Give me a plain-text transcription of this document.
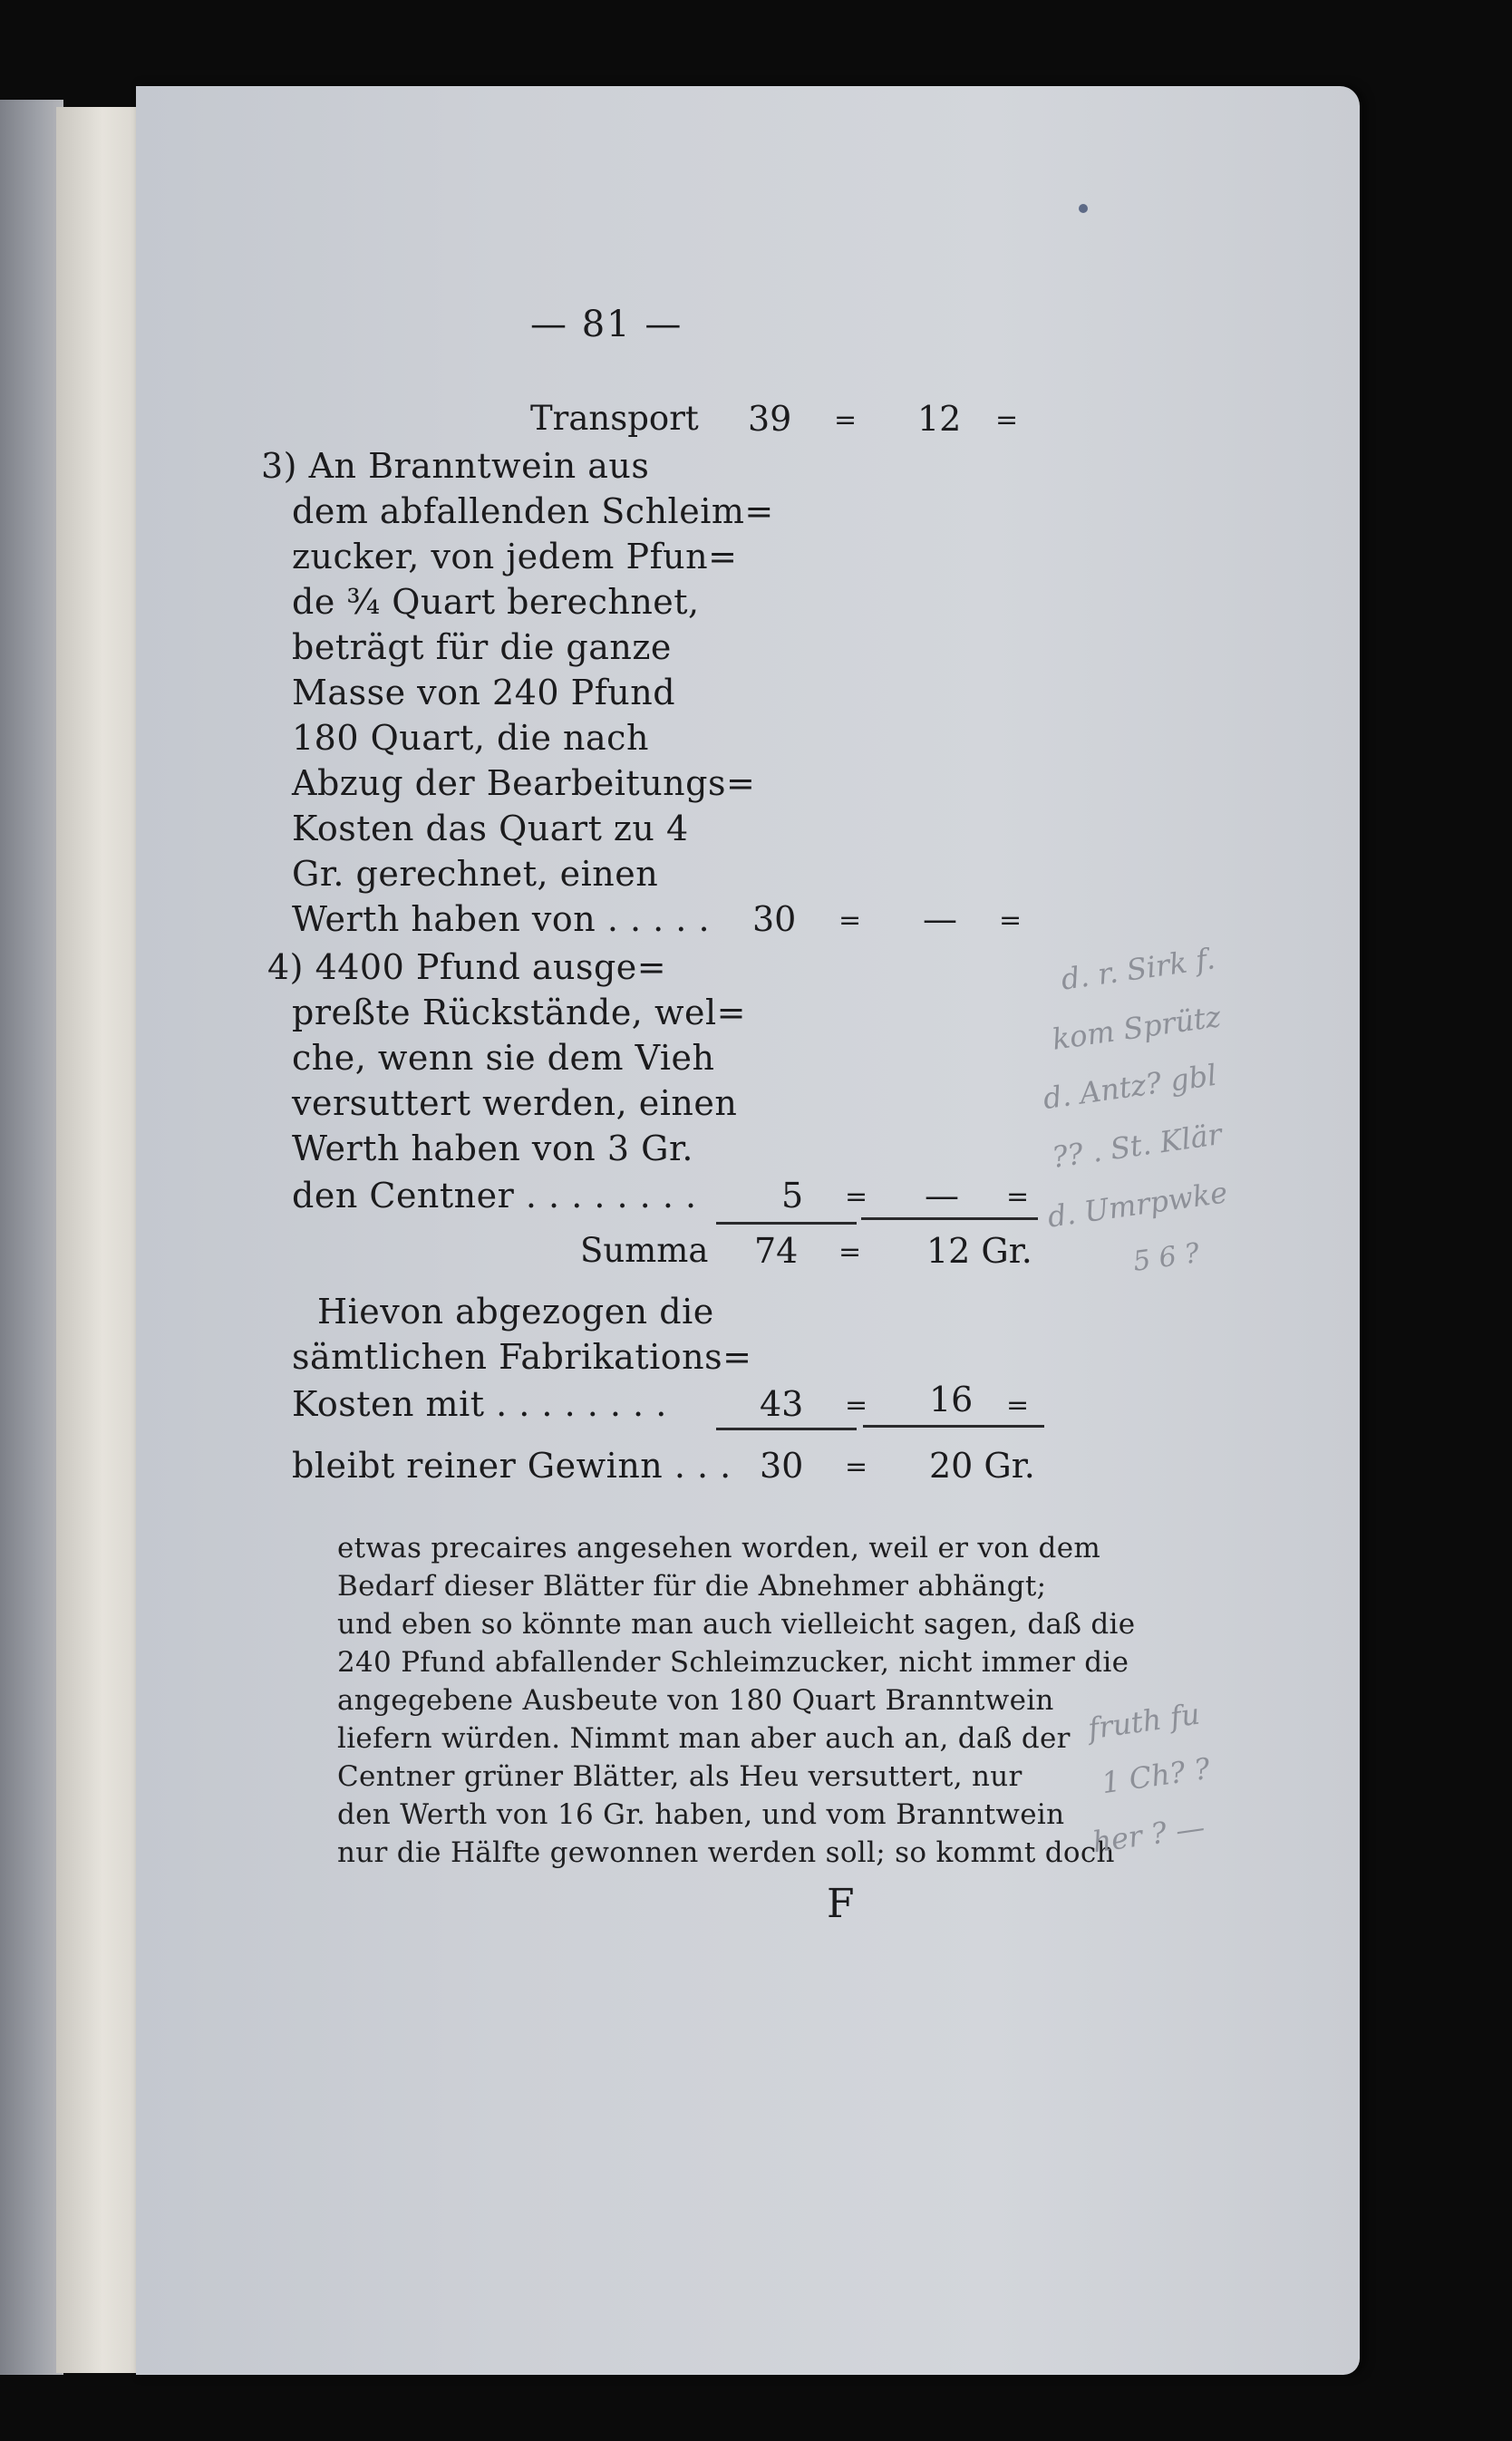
— 81 —
Transport 39 = 12 =
3) An Branntwein aus
dem abfallenden Schleim=
zucker, von jedem Pfun=
de ¾ Quart berechnet,
beträgt für die ganze
Masse von 240 Pfund
180 Quart, die nach
Abzug der Bearbeitungs=
Kosten das Quart zu 4
Gr. gerechnet, einen
Werth haben von . . . . . 30 = — =
4) 4400 Pfund ausge=
preßte Rückstände, wel=
che, wenn sie dem Vieh
versuttert werden, einen
Werth haben von 3 Gr.
den Centner . . . . . . . . 5 = — =
Summa 74 = 12 Gr.
Hievon abgezogen die
sämtlichen Fabrikations=
Kosten mit . . . . . . . .	43 = 16 =
bleibt reiner Gewinn . . . 30 = 20 Gr.
etwas precaires angesehen worden, weil er von dem
Bedarf dieser Blätter für die Abnehmer abhängt;
und eben so könnte man auch vielleicht sagen, daß die
240 Pfund abfallender Schleimzucker, nicht immer die
angegebene Ausbeute von 180 Quart Branntwein
liefern würden. Nimmt man aber auch an, daß der
Centner grüner Blätter, als Heu versuttert, nur
den Werth von 16 Gr. haben, und vom Branntwein
nur die Hälfte gewonnen werden soll; so kommt doch
F
d. r. Sirk f.
kom Sprütz
d. Antz? gbl
?? . St. Klär
d. Umrpwke
5 6 ?
fruth fu
1 Ch? ?
her ? —
